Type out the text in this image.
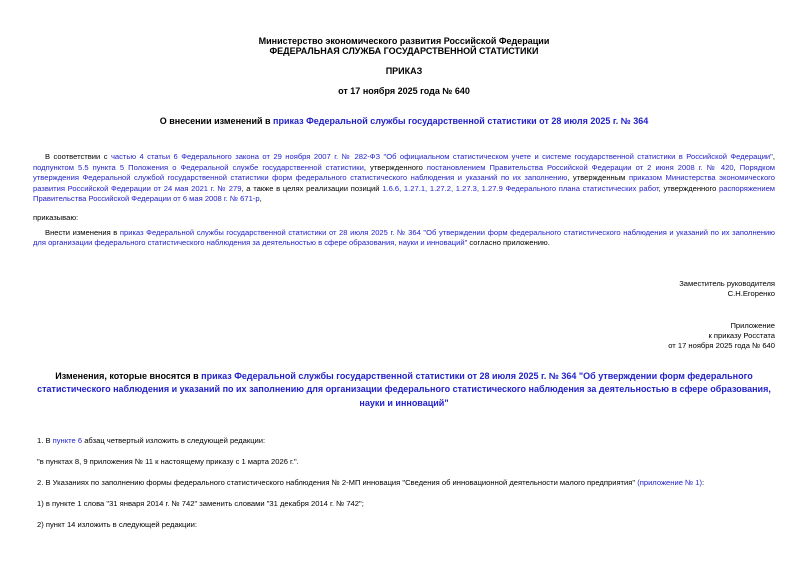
Министерство экономического развития Российской Федерации
ФЕДЕРАЛЬНАЯ СЛУЖБА ГОСУДАРСТВЕННОЙ СТАТИСТИКИ
ПРИКАЗ
от 17 ноября 2025 года № 640
О внесении изменений в приказ Федеральной службы государственной статистики от 28 июля 2025 г. № 364
В соответствии с частью 4 статьи 6 Федерального закона от 29 ноября 2007 г. № 282-ФЗ "Об официальном статистическом учете и системе государственной статистики в Российской Федерации", подпунктом 5.5 пункта 5 Положения о Федеральной службе государственной статистики, утвержденного постановлением Правительства Российской Федерации от 2 июня 2008 г. № 420, Порядком утверждения Федеральной службой государственной статистики форм федерального статистического наблюдения и указаний по их заполнению, утвержденным приказом Министерства экономического развития Российской Федерации от 24 мая 2021 г. № 279, а также в целях реализации позиций 1.6.6, 1.27.1, 1.27.2, 1.27.3, 1.27.9 Федерального плана статистических работ, утвержденного распоряжением Правительства Российской Федерации от 6 мая 2008 г. № 671-р,
приказываю:
Внести изменения в приказ Федеральной службы государственной статистики от 28 июля 2025 г. № 364 "Об утверждении форм федерального статистического наблюдения и указаний по их заполнению для организации федерального статистического наблюдения за деятельностью в сфере образования, науки и инноваций" согласно приложению.
Заместитель руководителя
С.Н.Егоренко
Приложение
к приказу Росстата
от 17 ноября 2025 года № 640
Изменения, которые вносятся в приказ Федеральной службы государственной статистики от 28 июля 2025 г. № 364 "Об утверждении форм федерального статистического наблюдения и указаний по их заполнению для организации федерального статистического наблюдения за деятельностью в сфере образования, науки и инноваций"
1. В пункте 6 абзац четвертый изложить в следующей редакции:
"в пунктах 8, 9 приложения № 11 к настоящему приказу с 1 марта 2026 г.".
2. В Указаниях по заполнению формы федерального статистического наблюдения № 2-МП инновация "Сведения об инновационной деятельности малого предприятия" (приложение № 1):
1) в пункте 1 слова "31 января 2014 г. № 742" заменить словами "31 декабря 2014 г. № 742";
2) пункт 14 изложить в следующей редакции:
